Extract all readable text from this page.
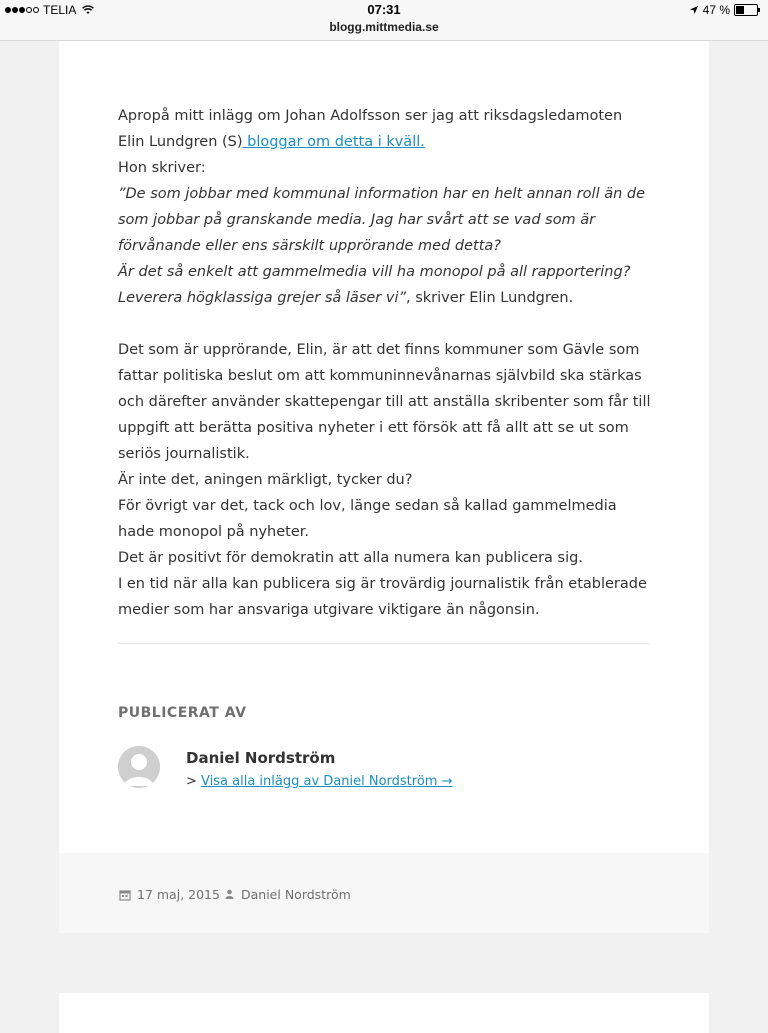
TELIA	07:31
blogg.mittmedia.se
47 %

Apropå mitt inlägg om Johan Adolfsson ser jag att riksdagsledamoten Elin Lundgren (S) bloggar om detta i kväll.

Hon skriver:

”De som jobbar med kommunal information har en helt annan roll än de som jobbar på granskande media. Jag har svårt att se vad som är förvånande eller ens särskilt upprörande med detta?

Är det så enkelt att gammelmedia vill ha monopol på all rapportering? Leverera högklassiga grejer så läser vi”, skriver Elin Lundgren.

Det som är upprörande, Elin, är att det finns kommuner som Gävle som fattar politiska beslut om att kommuninnevånarnas självbild ska stärkas och därefter använder skattepengar till att anställa skribenter som får till uppgift att berätta positiva nyheter i ett försök att få allt att se ut som seriös journalistik.

Är inte det, aningen märkligt, tycker du?

För övrigt var det, tack och lov, länge sedan så kallad gammelmedia hade monopol på nyheter.

Det är positivt för demokratin att alla numera kan publicera sig.

I en tid när alla kan publicera sig är trovärdig journalistik från etablerade medier som har ansvariga utgivare viktigare än någonsin.

PUBLICERAT AV
Daniel Nordström
> Visa alla inlägg av Daniel Nordström →
17 maj, 2015 Daniel Nordström
